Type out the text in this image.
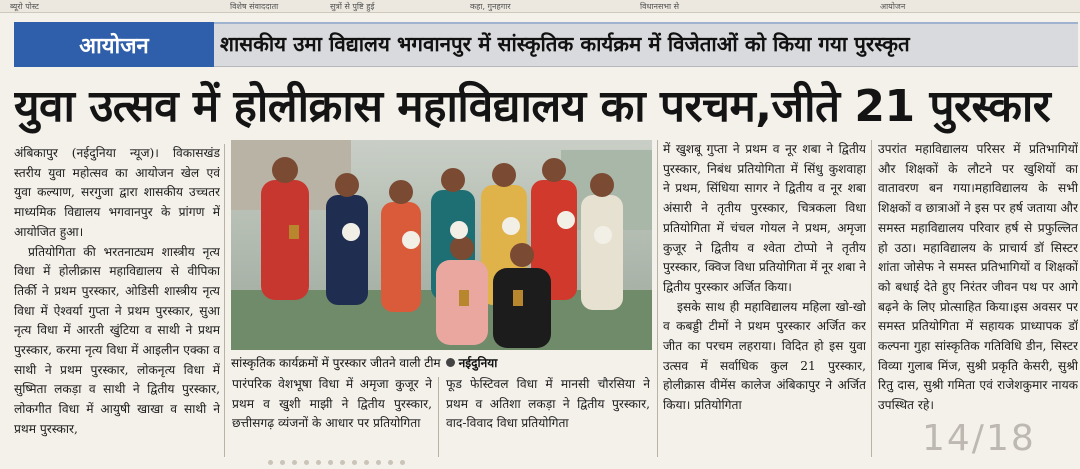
ब्यूरो पोस्ट	विशेष संवाददाता	सुत्रों से पुष्टि हुई	कहा, गुनहगार	विधानसभा से	आयोजन
आयोजन	शासकीय उमा विद्यालय भगवानपुर में सांस्कृतिक कार्यक्रम में विजेताओं को किया गया पुरस्कृत
युवा उत्सव में होलीक्रास महाविद्यालय का परचम,जीते 21 पुरस्कार

अंबिकापुर (नईदुनिया न्यूज)। विकासखंड स्तरीय युवा महोत्सव का आयोजन खेल एवं युवा कल्याण, सरगुजा द्वारा शासकीय उच्चतर माध्यमिक विद्यालय भगवानपुर के प्रांगण में आयोजित हुआ।

प्रतियोगिता की भरतनाट्यम शास्त्रीय नृत्य विधा में होलीक्रास महाविद्यालय से वीपिका तिर्की ने प्रथम पुरस्कार, ओडिसी शास्त्रीय नृत्य विधा में ऐश्वर्या गुप्ता ने प्रथम पुरस्कार, सुआ नृत्य विधा में आरती खुंटिया व साथी ने प्रथम पुरस्कार, करमा नृत्य विधा में आइलीन एक्का व साथी ने प्रथम पुरस्कार, लोकनृत्य विधा में सुष्मिता लकड़ा व साथी ने द्वितीय पुरस्कार, लोकगीत विधा में आयुषी खाखा व साथी ने प्रथम पुरस्कार,

सांस्कृतिक कार्यक्रमों में पुरस्कार जीतने वाली टीम नईदुनिया

पारंपरिक वेशभूषा विधा में अमृजा कुजूर ने प्रथम व खुशी माझी ने द्वितीय पुरस्कार, छत्तीसगढ़ व्यंजनों के आधार पर प्रतियोगिता

फूड फेस्टिवल विधा में मानसी चौरसिया ने प्रथम व अतिशा लकड़ा ने द्वितीय पुरस्कार, वाद-विवाद विधा प्रतियोगिता

में खुशबू गुप्ता ने प्रथम व नूर शबा ने द्वितीय पुरस्कार, निबंध प्रतियोगिता में सिंधु कुशवाहा ने प्रथम, सिंधिया सागर ने द्वितीय व नूर शबा अंसारी ने तृतीय पुरस्कार, चित्रकला विधा प्रतियोगिता में चंचल गोयल ने प्रथम, अमृजा कुजूर ने द्वितीय व श्वेता टोप्पो ने तृतीय पुरस्कार, क्विज विधा प्रतियोगिता में नूर शबा ने द्वितीय पुरस्कार अर्जित किया।

इसके साथ ही महाविद्यालय महिला खो-खो व कबड्डी टीमों ने प्रथम पुरस्कार अर्जित कर जीत का परचम लहराया। विदित हो इस युवा उत्सव में सर्वाधिक कुल 21 पुरस्कार, होलीक्रास वीमेंस कालेज अंबिकापुर ने अर्जित किया। प्रतियोगिता

उपरांत महाविद्यालय परिसर में प्रतिभागियों और शिक्षकों के लौटने पर खुशियों का वातावरण बन गया।महाविद्यालय के सभी शिक्षकों व छात्राओं ने इस पर हर्ष जताया और समस्त महाविद्यालय परिवार हर्ष से प्रफुल्लित हो उठा। महाविद्यालय के प्राचार्य डॉ सिस्टर शांता जोसेफ ने समस्त प्रतिभागियों व शिक्षकों को बधाई देते हुए निरंतर जीवन पथ पर आगे बढ़ने के लिए प्रोत्साहित किया।इस अवसर पर समस्त प्रतियोगिता में सहायक प्राध्यापक डॉ कल्पना गुहा सांस्कृतिक गतिविधि डीन, सिस्टर विव्या गुलाब मिंज, सुश्री प्रकृति केसरी, सुश्री रितु दास, सुश्री गमिता एवं राजेशकुमार नायक उपस्थित रहे।

14/18
